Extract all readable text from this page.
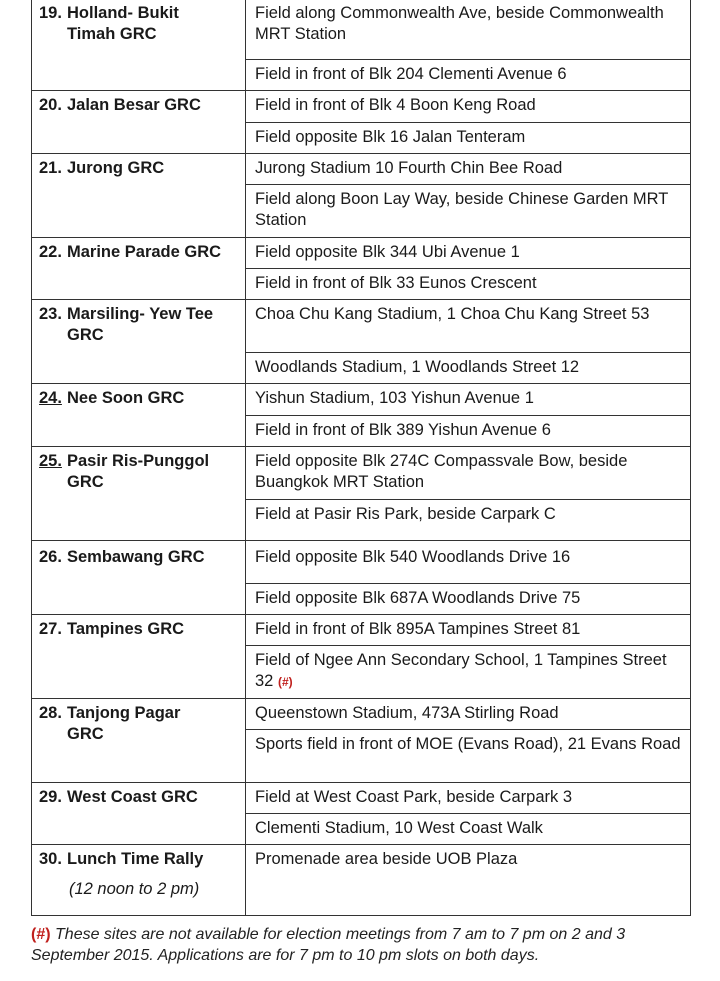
19. Holland- Bukit Timah GRC	Field along Commonwealth Ave, beside Commonwealth MRT Station

	Field in front of Blk 204 Clementi Avenue 6

20. Jalan Besar GRC	Field in front of Blk 4 Boon Keng Road

	Field opposite Blk 16 Jalan Tenteram

21. Jurong GRC	Jurong Stadium 10 Fourth Chin Bee Road

	Field along Boon Lay Way, beside Chinese Garden MRT Station

22. Marine Parade GRC	Field opposite Blk 344 Ubi Avenue 1

	Field in front of Blk 33 Eunos Crescent

23. Marsiling- Yew Tee GRC	Choa Chu Kang Stadium, 1 Choa Chu Kang Street 53

	Woodlands Stadium, 1 Woodlands Street 12

24. Nee Soon GRC	Yishun Stadium, 103 Yishun Avenue 1

	Field in front of Blk 389 Yishun Avenue 6

25. Pasir Ris-Punggol GRC	Field opposite Blk 274C Compassvale Bow, beside Buangkok MRT Station

	Field at Pasir Ris Park, beside Carpark C

26. Sembawang GRC	Field opposite Blk 540 Woodlands Drive 16

	Field opposite Blk 687A Woodlands Drive 75

27. Tampines GRC	Field in front of Blk 895A Tampines Street 81

	Field of Ngee Ann Secondary School, 1 Tampines Street 32 (#)

28. Tanjong Pagar GRC	Queenstown Stadium, 473A Stirling Road

	Sports field in front of MOE (Evans Road), 21 Evans Road

29. West Coast GRC	Field at West Coast Park, beside Carpark 3

	Clementi Stadium, 10 West Coast Walk

30. Lunch Time Rally
(12 noon to 2 pm)	Promenade area beside UOB Plaza
(#) These sites are not available for election meetings from 7 am to 7 pm on 2 and 3 September 2015. Applications are for 7 pm to 10 pm slots on both days.
